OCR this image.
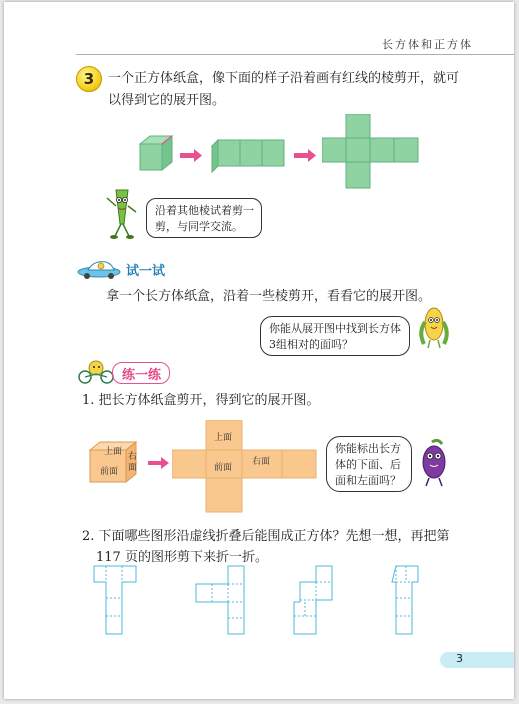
长方体和正方体
3	一个正方体纸盒，像下面的样子沿着画有红线的棱剪开，就可
以得到它的展开图。
沿着其他棱试着剪一
剪，与同学交流。
试一试
拿一个长方体纸盒，沿着一些棱剪开，看看它的展开图。
你能从展开图中找到长方体
3组相对的面吗？
练一练
1. 把长方体纸盒剪开，得到它的展开图。
上面
前面
右面
上面
前面
右面
你能标出长方
体的下面、后
面和左面吗？
2. 下面哪些图形沿虚线折叠后能围成正方体？先想一想，再把第
117 页的图形剪下来折一折。
3
